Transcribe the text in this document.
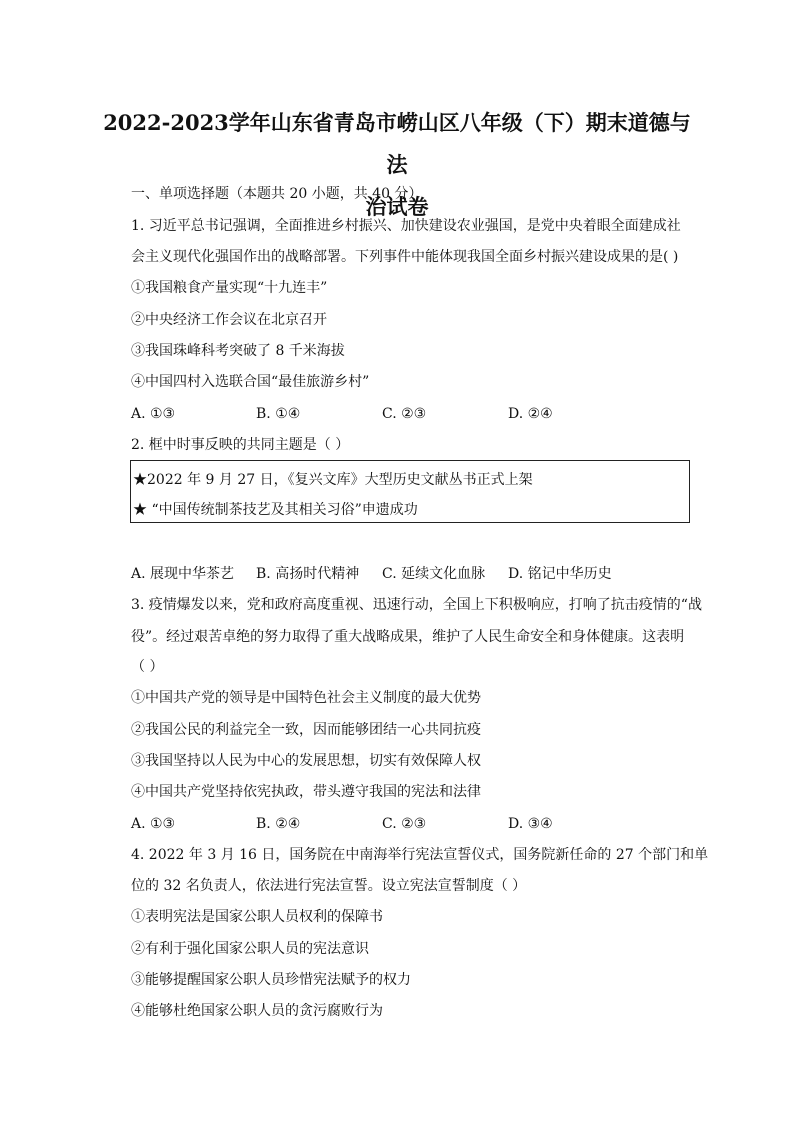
2022-2023学年山东省青岛市崂山区八年级（下）期末道德与法
治试卷
一、单项选择题（本题共 20 小题，共 40 分）
1. 习近平总书记强调，全面推进乡村振兴、加快建设农业强国，是党中央着眼全面建成社
会主义现代化强国作出的战略部署。下列事件中能体现我国全面乡村振兴建设成果的是( )
①我国粮食产量实现“十九连丰”
②中央经济工作会议在北京召开
③我国珠峰科考突破了 8 千米海拔
④中国四村入选联合国“最佳旅游乡村”
A. ①③	B. ①④	C. ②③	D. ②④
2. 框中时事反映的共同主题是（ ）
★2022 年 9 月 27 日，《复兴文库》大型历史文献丛书正式上架
★ “中国传统制茶技艺及其相关习俗”申遗成功
A. 展现中华茶艺 B. 高扬时代精神 C. 延续文化血脉 D. 铭记中华历史
3. 疫情爆发以来，党和政府高度重视、迅速行动，全国上下积极响应，打响了抗击疫情的“战
役”。经过艰苦卓绝的努力取得了重大战略成果，维护了人民生命安全和身体健康。这表明
（ ）
①中国共产党的领导是中国特色社会主义制度的最大优势
②我国公民的利益完全一致，因而能够团结一心共同抗疫
③我国坚持以人民为中心的发展思想，切实有效保障人权
④中国共产党坚持依宪执政，带头遵守我国的宪法和法律
A. ①③	B. ②④	C. ②③	D. ③④
4. 2022 年 3 月 16 日，国务院在中南海举行宪法宣誓仪式，国务院新任命的 27 个部门和单
位的 32 名负责人，依法进行宪法宣誓。设立宪法宣誓制度（ ）
①表明宪法是国家公职人员权利的保障书
②有利于强化国家公职人员的宪法意识
③能够提醒国家公职人员珍惜宪法赋予的权力
④能够杜绝国家公职人员的贪污腐败行为
